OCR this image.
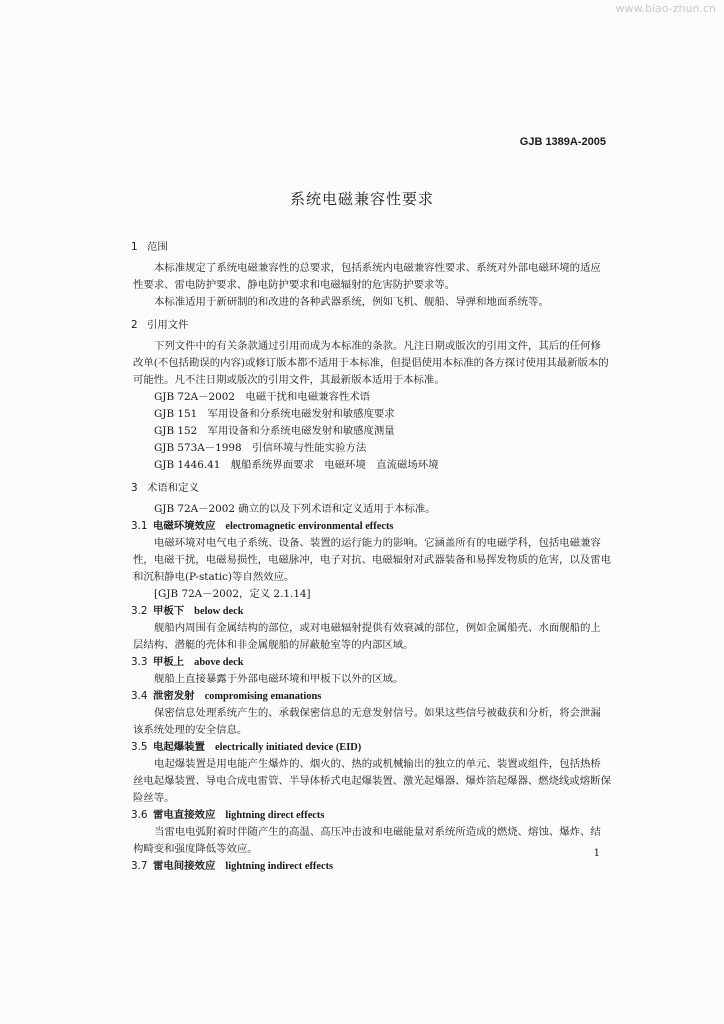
www.biao-zhun.cn
GJB 1389A-2005
系统电磁兼容性要求

1 范围

本标准规定了系统电磁兼容性的总要求，包括系统内电磁兼容性要求、系统对外部电磁环境的适应性要求、雷电防护要求、静电防护要求和电磁辐射的危害防护要求等。

本标准适用于新研制的和改进的各种武器系统，例如飞机、舰船、导弹和地面系统等。

2 引用文件

下列文件中的有关条款通过引用而成为本标准的条款。凡注日期或版次的引用文件，其后的任何修改单(不包括勘误的内容)或修订版本都不适用于本标准，但提倡使用本标准的各方探讨使用其最新版本的可能性。凡不注日期或版次的引用文件，其最新版本适用于本标准。

GJB 72A－2002　电磁干扰和电磁兼容性术语

GJB 151　军用设备和分系统电磁发射和敏感度要求

GJB 152　军用设备和分系统电磁发射和敏感度测量

GJB 573A－1998　引信环境与性能实验方法

GJB 1446.41　舰船系统界面要求　电磁环境　直流磁场环境

3 术语和定义

GJB 72A－2002 确立的以及下列术语和定义适用于本标准。

3.1 电磁环境效应 electromagnetic environmental effects

电磁环境对电气电子系统、设备、装置的运行能力的影响。它涵盖所有的电磁学科，包括电磁兼容性，电磁干扰，电磁易损性，电磁脉冲，电子对抗、电磁辐射对武器装备和易挥发物质的危害，以及雷电和沉积静电(P-static)等自然效应。

[GJB 72A－2002，定义 2.1.14]

3.2 甲板下 below deck

舰船内周围有金属结构的部位，或对电磁辐射提供有效衰减的部位，例如金属船壳、水面舰船的上层结构、潜艇的壳体和非金属舰船的屏蔽舱室等的内部区域。

3.3 甲板上 above deck

舰船上直接暴露于外部电磁环境和甲板下以外的区域。

3.4 泄密发射 compromising emanations

保密信息处理系统产生的、承载保密信息的无意发射信号。如果这些信号被截获和分析，将会泄漏该系统处理的安全信息。

3.5 电起爆装置 electrically initiated device (EID)

电起爆装置是用电能产生爆炸的、烟火的、热的或机械输出的独立的单元、装置或组件，包括热桥丝电起爆装置、导电合成电雷管、半导体桥式电起爆装置、激光起爆器、爆炸箔起爆器、燃烧线或熔断保险丝等。

3.6 雷电直接效应 lightning direct effects

当雷电电弧附着时伴随产生的高温、高压冲击波和电磁能量对系统所造成的燃烧、熔蚀、爆炸、结构畸变和强度降低等效应。

3.7 雷电间接效应 lightning indirect effects

1
